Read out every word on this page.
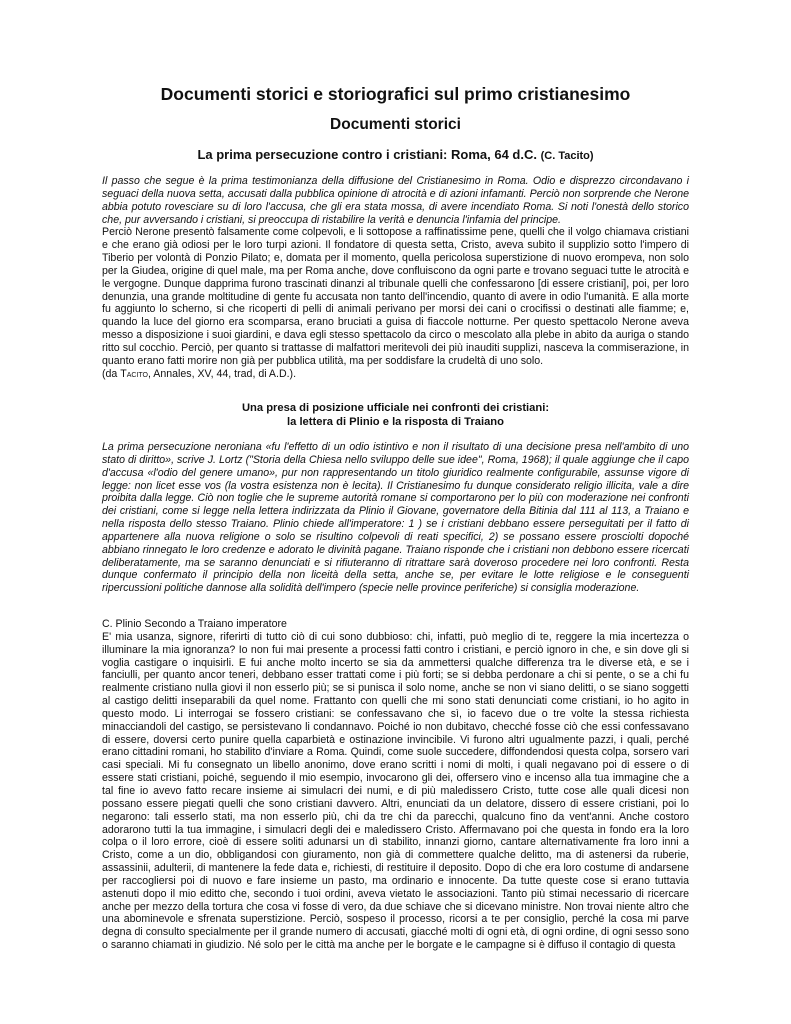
Documenti storici e storiografici sul primo cristianesimo
Documenti storici
La prima persecuzione contro i cristiani: Roma, 64 d.C. (C. Tacito)

Il passo che segue è la prima testimonianza della diffusione del Cristianesimo in Roma. Odio e disprezzo circondavano i seguaci della nuova setta, accusati dalla pubblica opinione di atrocità e di azioni infamanti. Perciò non sorprende che Nerone abbia potuto rovesciare su di loro l'accusa, che gli era stata mossa, di avere incendiato Roma. Si noti l'onestà dello storico che, pur avversando i cristiani, si preoccupa di ristabilire la verità e denuncia l'infamia del principe.

Perciò Nerone presentò falsamente come colpevoli, e li sottopose a raffinatissime pene, quelli che il volgo chiamava cristiani e che erano già odiosi per le loro turpi azioni. Il fondatore di questa setta, Cristo, aveva subito il supplizio sotto l'impero di Tiberio per volontà di Ponzio Pilato; e, domata per il momento, quella pericolosa superstizione di nuovo erompeva, non solo per la Giudea, origine di quel male, ma per Roma anche, dove confluiscono da ogni parte e trovano seguaci tutte le atrocità e le vergogne. Dunque dapprima furono trascinati dinanzi al tribunale quelli che confessarono [di essere cristiani], poi, per loro denunzia, una grande moltitudine di gente fu accusata non tanto dell'incendio, quanto di avere in odio l'umanità. E alla morte fu aggiunto lo scherno, si che ricoperti di pelli di animali perivano per morsi dei cani o crocifissi o destinati alle fiamme; e, quando la luce del giorno era scomparsa, erano bruciati a guisa di fiaccole notturne. Per questo spettacolo Nerone aveva messo a disposizione i suoi giardini, e dava egli stesso spettacolo da circo o mescolato alla plebe in abito da auriga o stando ritto sul cocchio. Perciò, per quanto si trattasse di malfattori meritevoli dei più inauditi supplizi, nasceva la commiserazione, in quanto erano fatti morire non già per pubblica utilità, ma per soddisfare la crudeltà di uno solo.

(da Tacito, Annales, XV, 44, trad, di A.D.).

Una presa di posizione ufficiale nei confronti dei cristiani:
la lettera di Plinio e la risposta di Traiano

La prima persecuzione neroniana «fu l'effetto di un odio istintivo e non il risultato di una decisione presa nell'ambito di uno stato di diritto», scrive J. Lortz ("Storia della Chiesa nello sviluppo delle sue idee", Roma, 1968); il quale aggiunge che il capo d'accusa «l'odio del genere umano», pur non rappresentando un titolo giuridico realmente configurabile, assunse vigore di legge: non licet esse vos (la vostra esistenza non è lecita). Il Cristianesimo fu dunque considerato religio illicita, vale a dire proibita dalla legge. Ciò non toglie che le supreme autorità romane si comportarono per lo più con moderazione nei confronti dei cristiani, come si legge nella lettera indirizzata da Plinio il Giovane, governatore della Bitinia dal 111 al 113, a Traiano e nella risposta dello stesso Traiano. Plinio chiede all'imperatore: 1 ) se i cristiani debbano essere perseguitati per il fatto di appartenere alla nuova religione o solo se risultino colpevoli di reati specifici, 2) se possano essere prosciolti dopoché abbiano rinnegato le loro credenze e adorato le divinità pagane. Traiano risponde che i cristiani non debbono essere ricercati deliberatamente, ma se saranno denunciati e si rifiuteranno di ritrattare sarà doveroso procedere nei loro confronti. Resta dunque confermato il principio della non liceità della setta, anche se, per evitare le lotte religiose e le conseguenti ripercussioni politiche dannose alla solidità dell'impero (specie nelle province periferiche) si consiglia moderazione.

C. Plinio Secondo a Traiano imperatore

E' mia usanza, signore, riferirti di tutto ciò di cui sono dubbioso: chi, infatti, può meglio di te, reggere la mia incertezza o illuminare la mia ignoranza? Io non fui mai presente a processi fatti contro i cristiani, e perciò ignoro in che, e sin dove gli si voglia castigare o inquisirli. E fui anche molto incerto se sia da ammettersi qualche differenza tra le diverse età, e se i fanciulli, per quanto ancor teneri, debbano esser trattati come i più forti; se si debba perdonare a chi si pente, o se a chi fu realmente cristiano nulla giovi il non esserlo più; se si punisca il solo nome, anche se non vi siano delitti, o se siano soggetti al castigo delitti inseparabili da quel nome. Frattanto con quelli che mi sono stati denunciati come cristiani, io ho agito in questo modo. Li interrogai se fossero cristiani: se confessavano che sì, io facevo due o tre volte la stessa richiesta minacciandoli del castigo, se persistevano li condannavo. Poiché io non dubitavo, checché fosse ciò che essi confessavano di essere, doversi certo punire quella caparbietà e ostinazione invincibile. Vi furono altri ugualmente pazzi, i quali, perché erano cittadini romani, ho stabilito d'inviare a Roma. Quindi, come suole succedere, diffondendosi questa colpa, sorsero vari casi speciali. Mi fu consegnato un libello anonimo, dove erano scritti i nomi di molti, i quali negavano poi di essere o di essere stati cristiani, poiché, seguendo il mio esempio, invocarono gli dei, offersero vino e incenso alla tua immagine che a tal fine io avevo fatto recare insieme ai simulacri dei numi, e di più maledissero Cristo, tutte cose alle quali dicesi non possano essere piegati quelli che sono cristiani davvero. Altri, enunciati da un delatore, dissero di essere cristiani, poi lo negarono: tali esserlo stati, ma non esserlo più, chi da tre chi da parecchi, qualcuno fino da vent'anni. Anche costoro adorarono tutti la tua immagine, i simulacri degli dei e maledissero Cristo. Affermavano poi che questa in fondo era la loro colpa o il loro errore, cioè di essere soliti adunarsi un dì stabilito, innanzi giorno, cantare alternativamente fra loro inni a Cristo, come a un dio, obbligandosi con giuramento, non già di commettere qualche delitto, ma di astenersi da ruberie, assassinii, adulterii, di mantenere la fede data e, richiesti, di restituire il deposito. Dopo di che era loro costume di andarsene per raccogliersi poi di nuovo e fare insieme un pasto, ma ordinario e innocente. Da tutte queste cose si erano tuttavia astenuti dopo il mio editto che, secondo i tuoi ordini, aveva vietato le associazioni. Tanto più stimai necessario di ricercare anche per mezzo della tortura che cosa vi fosse di vero, da due schiave che si dicevano ministre. Non trovai niente altro che una abominevole e sfrenata superstizione. Perciò, sospeso il processo, ricorsi a te per consiglio, perché la cosa mi parve degna di consulto specialmente per il grande numero di accusati, giacché molti di ogni età, di ogni ordine, di ogni sesso sono o saranno chiamati in giudizio. Né solo per le città ma anche per le borgate e le campagne si è diffuso il contagio di questa
